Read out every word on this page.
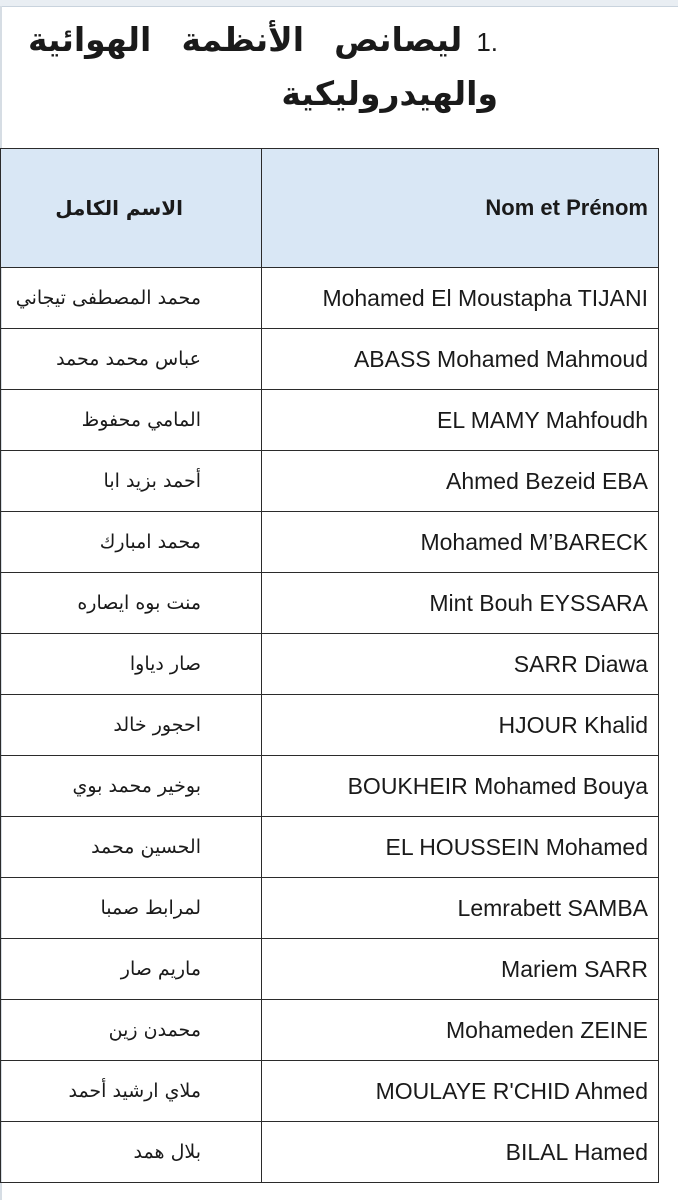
1.
ليصانص
الأنظمة
الهوائية
والهيدروليكية
الاسم الكامل	Nom et Prénom
محمد المصطفى تيجاني	Mohamed El Moustapha TIJANI
عباس محمد محمد	ABASS Mohamed Mahmoud
المامي محفوظ	EL MAMY Mahfoudh
أحمد بزيد ابا	Ahmed Bezeid EBA
محمد امبارك	Mohamed M’BARECK
منت بوه ايصاره	Mint Bouh EYSSARA
صار دياوا	SARR Diawa
احجور خالد	HJOUR Khalid
بوخير محمد بوي	BOUKHEIR Mohamed Bouya
الحسين محمد	EL HOUSSEIN Mohamed
لمرابط صمبا	Lemrabett SAMBA
ماريم صار	Mariem SARR
محمدن زين	Mohameden ZEINE
ملاي ارشيد أحمد	MOULAYE R'CHID Ahmed
بلال همد	BILAL Hamed
